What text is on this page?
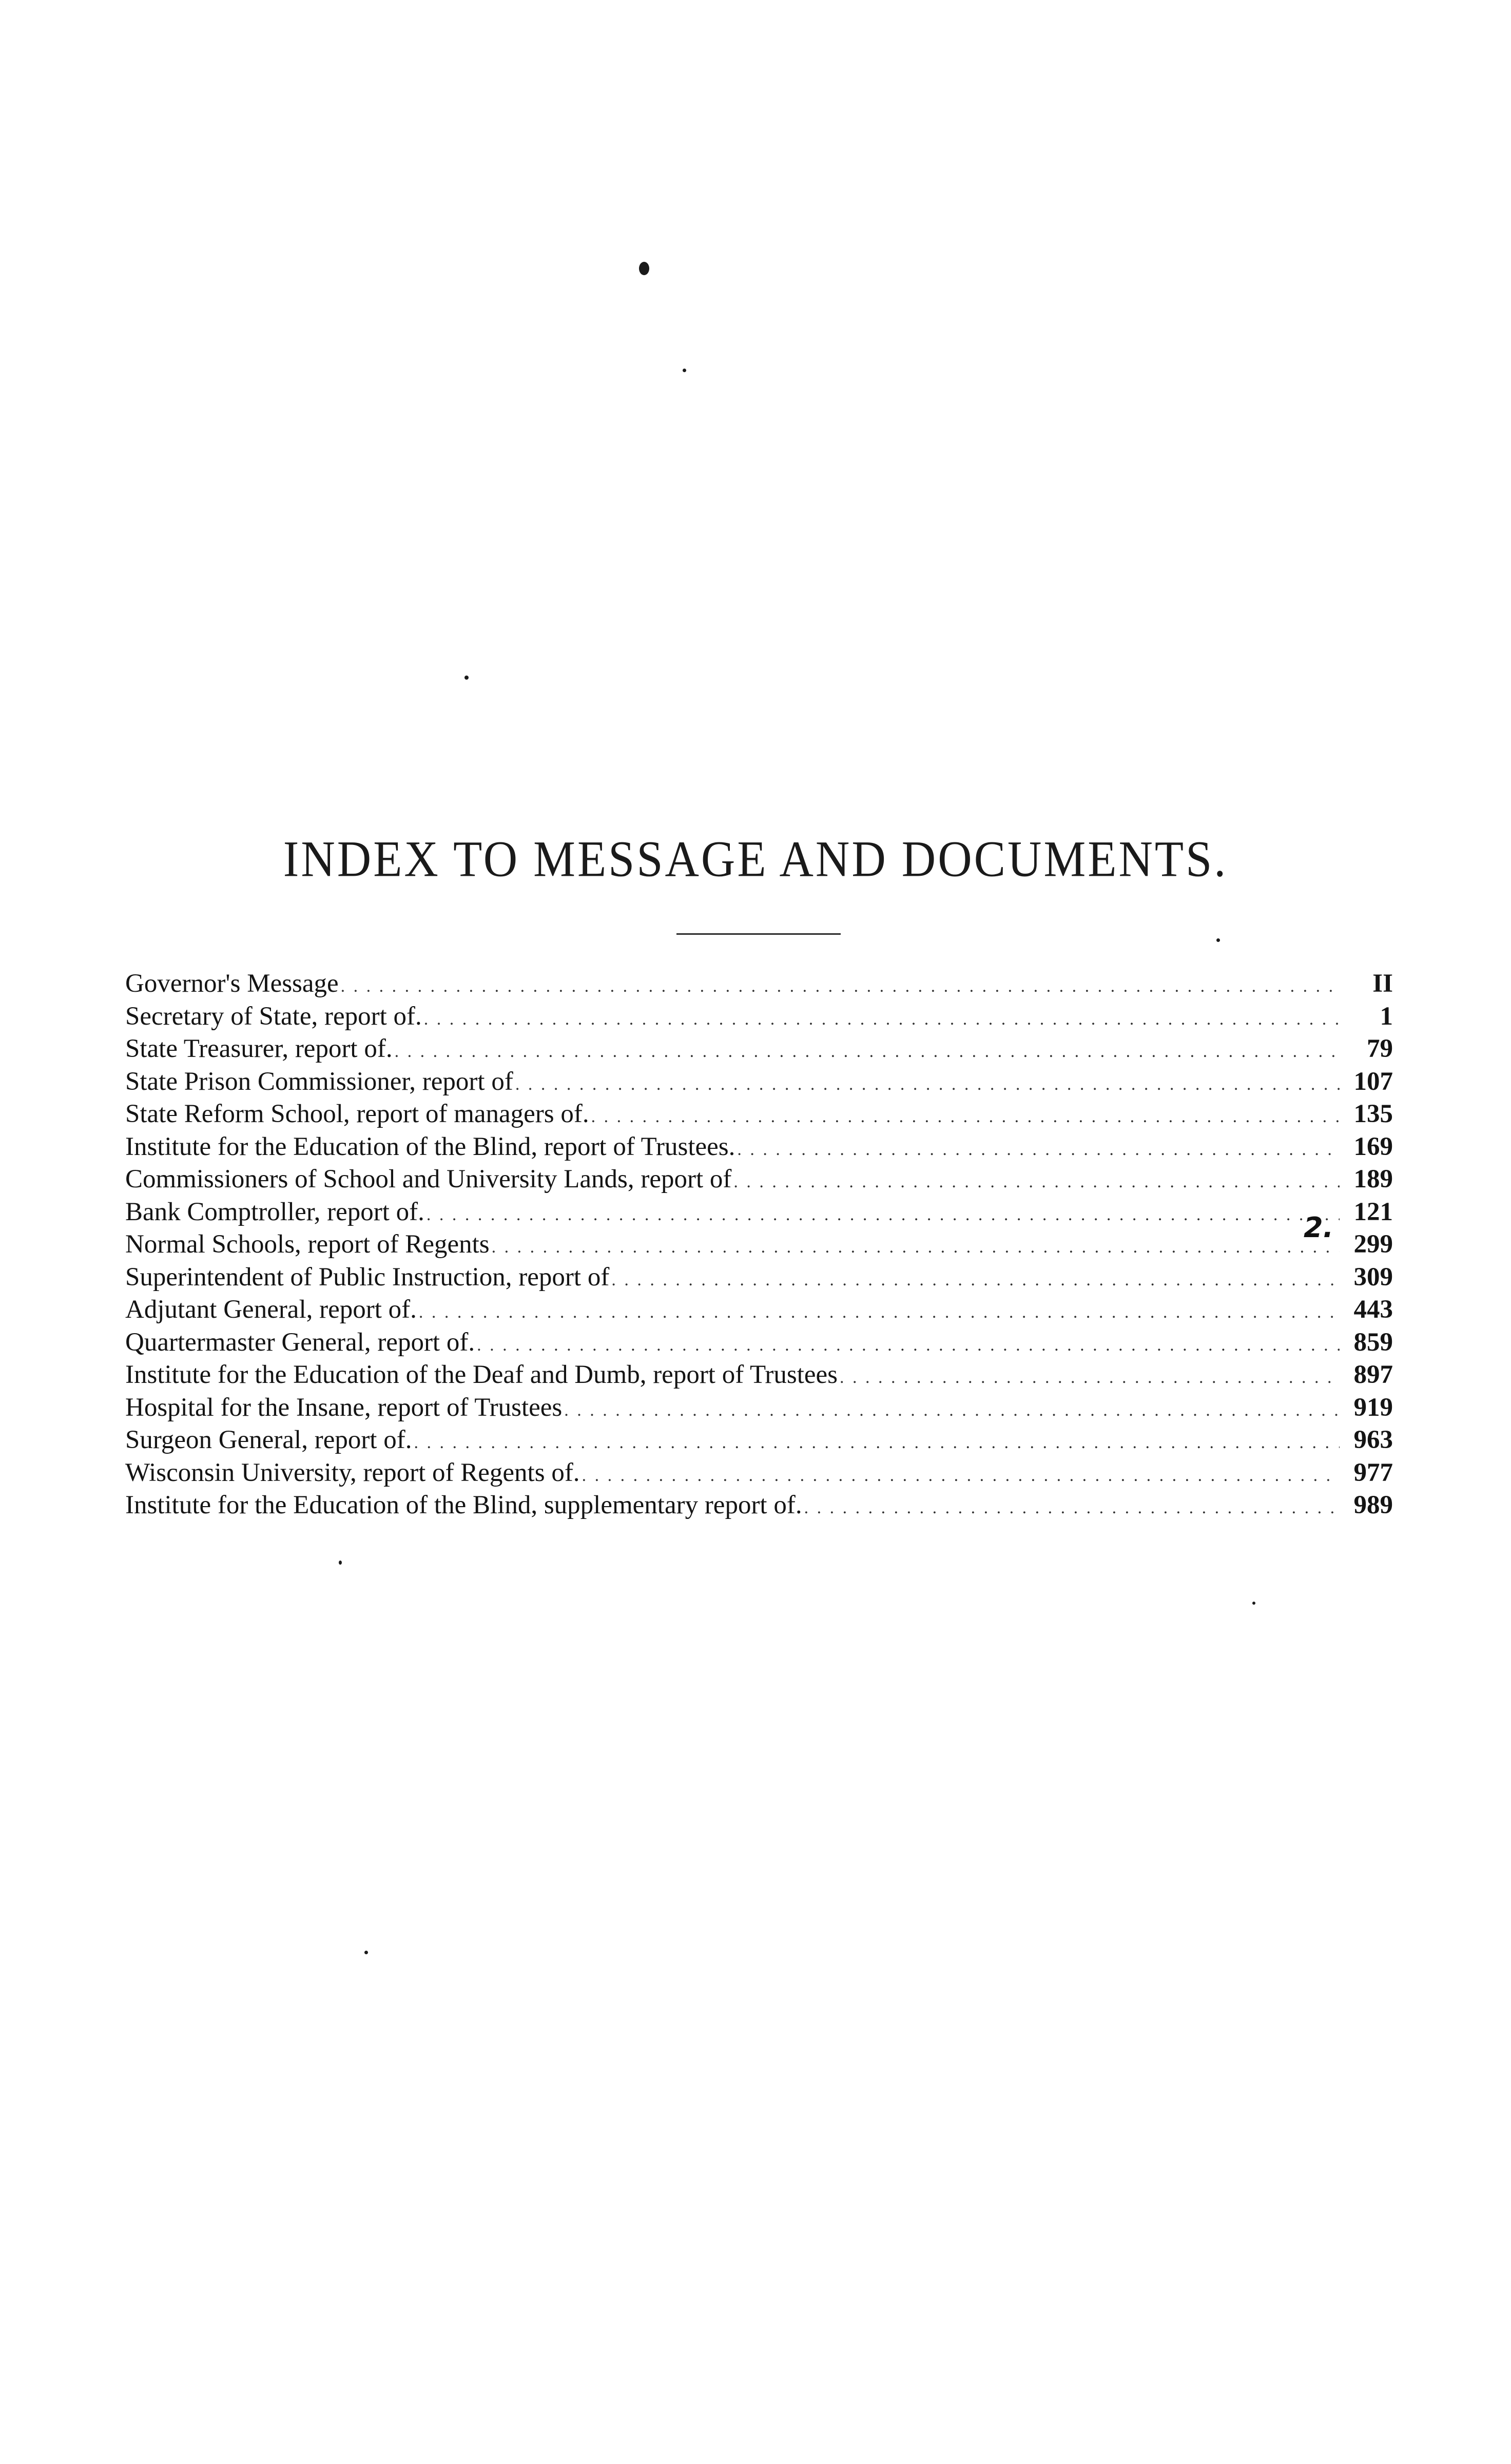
INDEX TO MESSAGE AND DOCUMENTS.
Governor's Message . . .	II
Secretary of State, report of. . . .	1
State Treasurer, report of. . . .	79
State Prison Commissioner, report of . . .	107
State Reform School, report of managers of. . . .	135
Institute for the Education of the Blind, report of Trustees. . . .	169
Commissioners of School and University Lands, report of . . .	189
Bank Comptroller, report of. . . .	121
Normal Schools, report of Regents . . .	299
Superintendent of Public Instruction, report of . . .	309
Adjutant General, report of. . . .	443
Quartermaster General, report of. . . .	859
Institute for the Education of the Deaf and Dumb, report of Trustees . . .	897
Hospital for the Insane, report of Trustees . . .	919
Surgeon General, report of. . . .	963
Wisconsin University, report of Regents of. . . .	977
Institute for the Education of the Blind, supplementary report of. . . .	989
2.
